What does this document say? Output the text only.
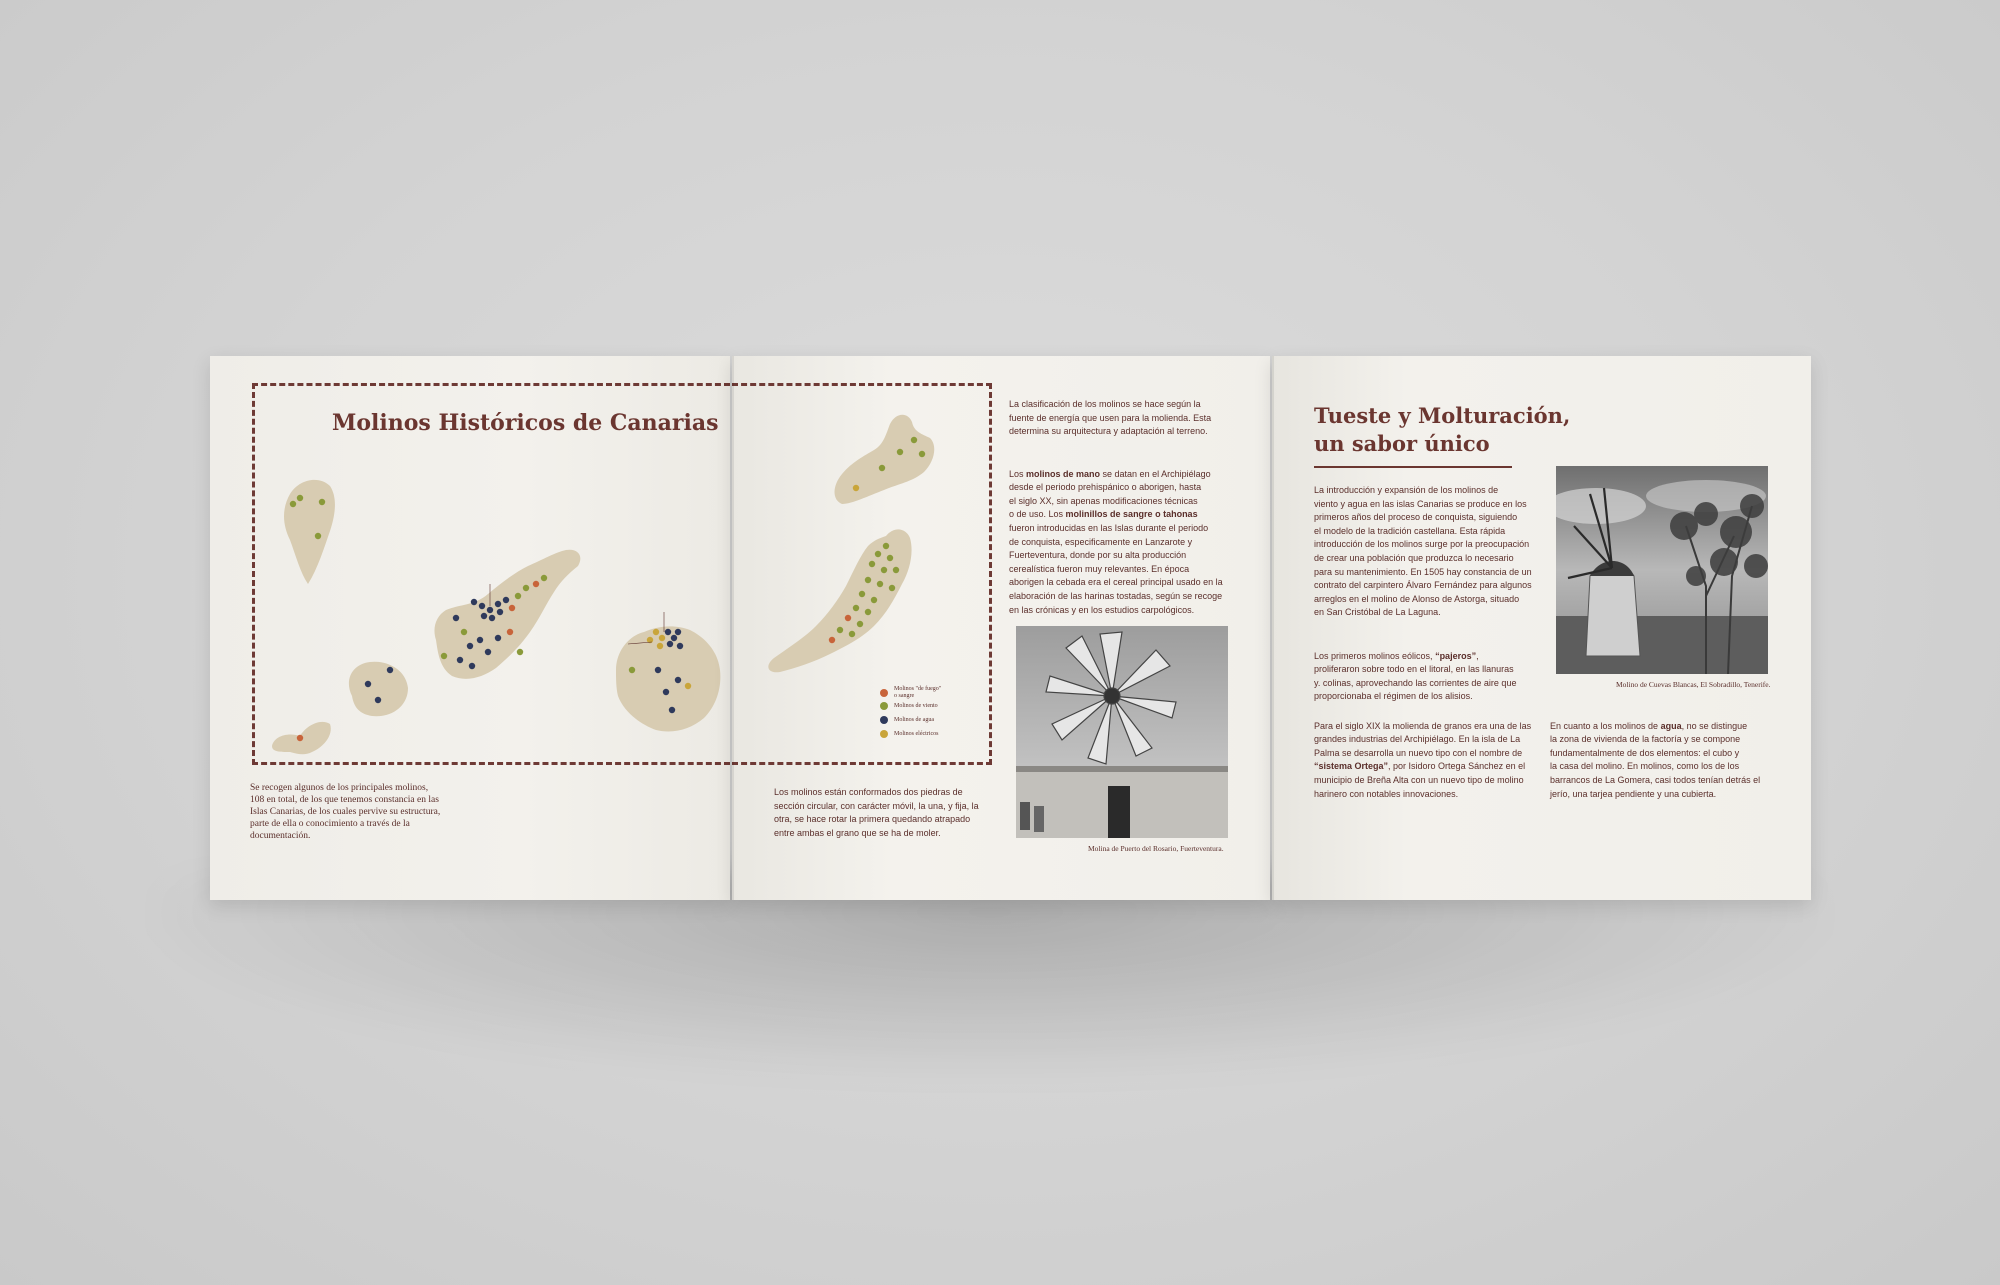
Molinos Históricos de Canarias
Se recogen algunos de los principales molinos,
108 en total, de los que tenemos constancia en las
Islas Canarias, de los cuales pervive su estructura,
parte de ella o conocimiento a través de la
documentación.
Molinos "de fuego"
o sangre
Molinos de viento
Molinos de agua
Molinos eléctricos
La clasificación de los molinos se hace según la
fuente de energía que usen para la molienda. Esta
determina su arquitectura y adaptación al terreno.

Los molinos de mano se datan en el Archipiélago
desde el periodo prehispánico o aborigen, hasta
el siglo XX, sin apenas modificaciones técnicas
o de uso. Los molinillos de sangre o tahonas
fueron introducidas en las Islas durante el periodo
de conquista, especificamente en Lanzarote y
Fuerteventura, donde por su alta producción
cerealística fueron muy relevantes. En época
aborigen la cebada era el cereal principal usado en la
elaboración de las harinas tostadas, según se recoge
en las crónicas y en los estudios carpológicos.

Molina de Puerto del Rosario, Fuerteventura.
Los molinos están conformados dos piedras de
sección circular, con carácter móvil, la una, y fija, la
otra, se hace rotar la primera quedando atrapado
entre ambas el grano que se ha de moler.
Tueste y Molturación,
un sabor único
La introducción y expansión de los molinos de
viento y agua en las islas Canarias se produce en los
primeros años del proceso de conquista, siguiendo
el modelo de la tradición castellana. Esta rápida
introducción de los molinos surge por la preocupación
de crear una población que produzca lo necesario
para su mantenimiento. En 1505 hay constancia de un
contrato del carpintero Álvaro Fernández para algunos
arreglos en el molino de Alonso de Astorga, situado
en San Cristóbal de La Laguna.

Los primeros molinos eólicos, “pajeros”,
proliferaron sobre todo en el litoral, en las llanuras
y. colinas, aprovechando las corrientes de aire que
proporcionaba el régimen de los alisios.

Para el siglo XIX la molienda de granos era una de las
grandes industrias del Archipiélago. En la isla de La
Palma se desarrolla un nuevo tipo con el nombre de
“sistema Ortega”, por Isidoro Ortega Sánchez en el
municipio de Breña Alta con un nuevo tipo de molino
harinero con notables innovaciones.

En cuanto a los molinos de agua, no se distingue
la zona de vivienda de la factoría y se compone
fundamentalmente de dos elementos: el cubo y
la casa del molino. En molinos, como los de los
barrancos de La Gomera, casi todos tenían detrás el
jerío, una tarjea pendiente y una cubierta.

Molino de Cuevas Blancas, El Sobradillo, Tenerife.
